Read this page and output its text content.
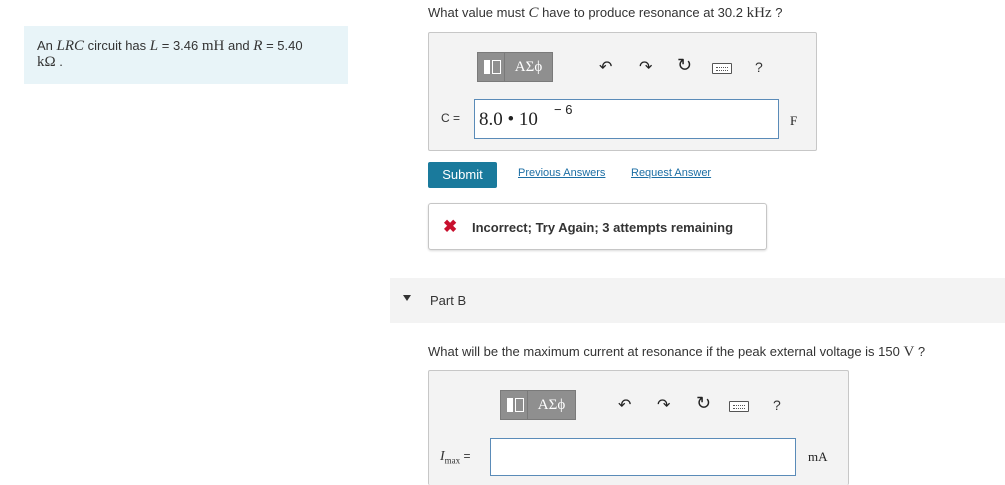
An LRC circuit has L = 3.46 mH and R = 5.40
kΩ .
What value must C have to produce resonance at 30.2 kHz ?
ΑΣϕ	↶ ↷ ↻	?
C = 8.0 • 10 − 6
F
Submit	Previous Answers Request Answer
✖ Incorrect; Try Again; 3 attempts remaining
Part B
What will be the maximum current at resonance if the peak external voltage is 150 V ?
ΑΣϕ	↶ ↷ ↻	?
$I_{max}$ =	mA
